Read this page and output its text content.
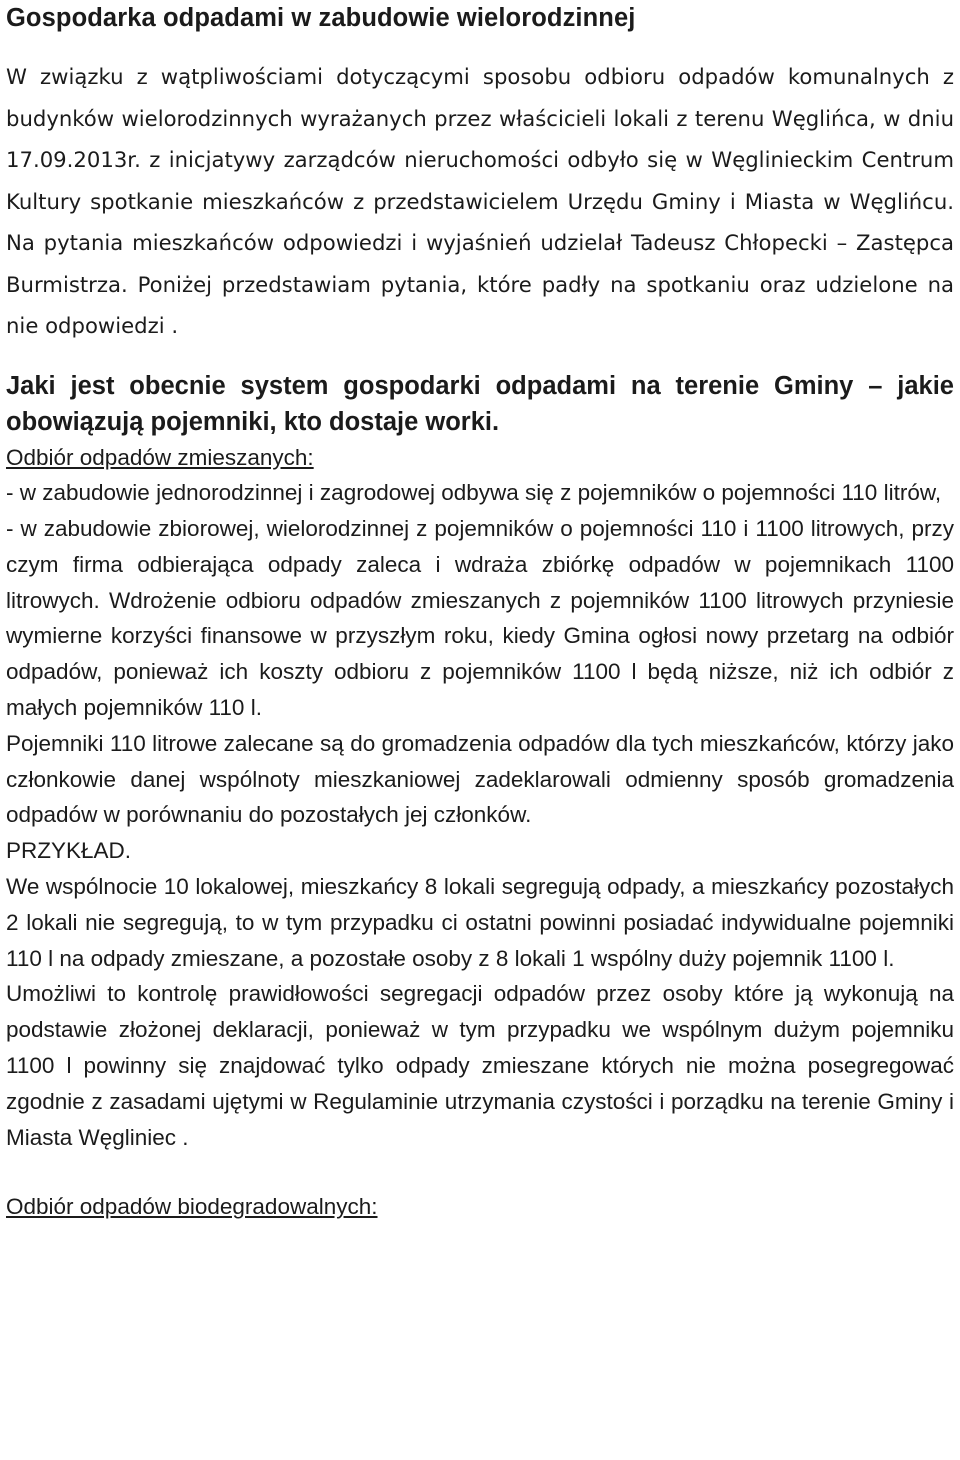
Gospodarka odpadami w zabudowie wielorodzinnej
W związku z wątpliwościami dotyczącymi sposobu odbioru odpadów komunalnych z budynków wielorodzinnych wyrażanych przez właścicieli lokali z terenu Węglińca, w dniu 17.09.2013r. z inicjatywy zarządców nieruchomości odbyło się w Węglinieckim Centrum Kultury spotkanie mieszkańców z przedstawicielem Urzędu Gminy i Miasta w Węglińcu. Na pytania mieszkańców odpowiedzi i wyjaśnień udzielał Tadeusz Chłopecki – Zastępca Burmistrza. Poniżej przedstawiam pytania, które padły na spotkaniu oraz udzielone na nie odpowiedzi .
Jaki jest obecnie system gospodarki odpadami na terenie Gminy – jakie obowiązują pojemniki, kto dostaje worki.

Odbiór odpadów zmieszanych:

- w zabudowie jednorodzinnej i zagrodowej odbywa się z pojemników o pojemności 110 litrów,

- w zabudowie zbiorowej, wielorodzinnej z pojemników o pojemności 110 i 1100 litrowych, przy czym firma odbierająca odpady zaleca i wdraża zbiórkę odpadów w pojemnikach 1100 litrowych. Wdrożenie odbioru odpadów zmieszanych z pojemników 1100 litrowych przyniesie wymierne korzyści finansowe w przyszłym roku, kiedy Gmina ogłosi nowy przetarg na odbiór odpadów, ponieważ ich koszty odbioru z pojemników 1100 l będą niższe, niż ich odbiór z małych pojemników 110 l.

Pojemniki 110 litrowe zalecane są do gromadzenia odpadów dla tych mieszkańców, którzy jako członkowie danej wspólnoty mieszkaniowej zadeklarowali odmienny sposób gromadzenia odpadów w porównaniu do pozostałych jej członków.

PRZYKŁAD.

We wspólnocie 10 lokalowej, mieszkańcy 8 lokali segregują odpady, a mieszkańcy pozostałych 2 lokali nie segregują, to w tym przypadku ci ostatni powinni posiadać indywidualne pojemniki 110 l na odpady zmieszane, a pozostałe osoby z 8 lokali 1 wspólny duży pojemnik 1100 l.

Umożliwi to kontrolę prawidłowości segregacji odpadów przez osoby które ją wykonują na podstawie złożonej deklaracji, ponieważ w tym przypadku we wspólnym dużym pojemniku 1100 l powinny się znajdować tylko odpady zmieszane których nie można posegregować zgodnie z zasadami ujętymi w Regulaminie utrzymania czystości i porządku na terenie Gminy i Miasta Węgliniec .

Odbiór odpadów biodegradowalnych:
